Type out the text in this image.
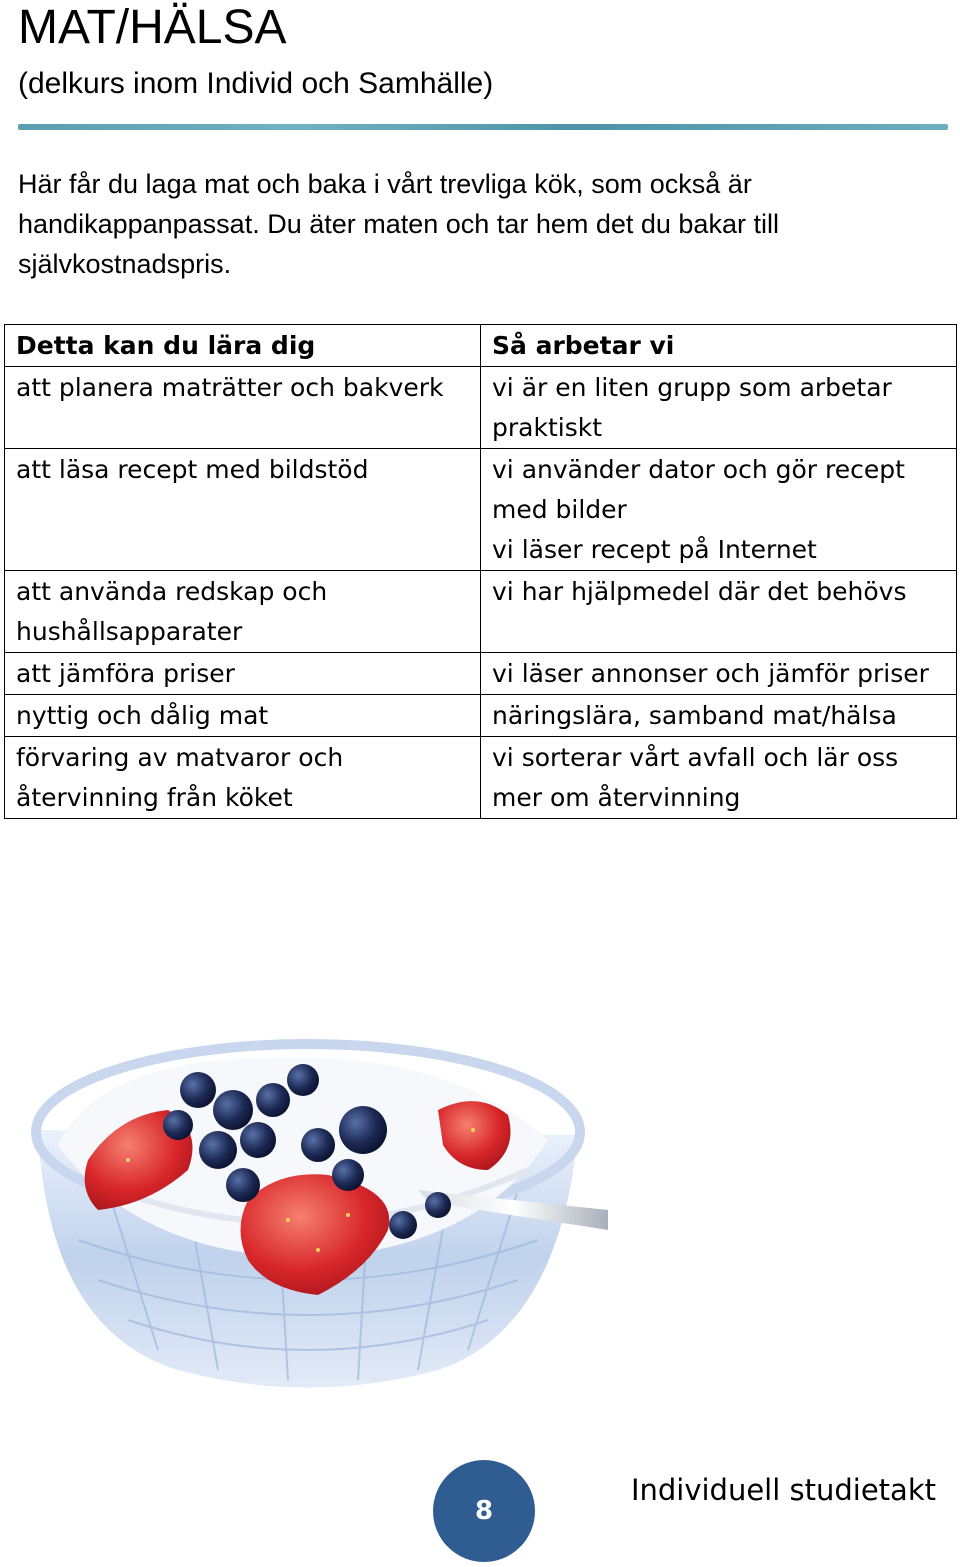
MAT/HÄLSA
(delkurs inom Individ och Samhälle)

Här får du laga mat och baka i vårt trevliga kök, som också är handikappanpassat. Du äter maten och tar hem det du bakar till självkostnadspris.

Detta kan du lära dig	Så arbetar vi
att planera maträtter och bakverk	vi är en liten grupp som arbetar praktiskt
att läsa recept med bildstöd	vi använder dator och gör recept med bilder
vi läser recept på Internet
att använda redskap och hushållsapparater	vi har hjälpmedel där det behövs
att jämföra priser	vi läser annonser och jämför priser
nyttig och dålig mat	näringslära, samband mat/hälsa
förvaring av matvaror och återvinning från köket	vi sorterar vårt avfall och lär oss mer om återvinning
8
Individuell studietakt
